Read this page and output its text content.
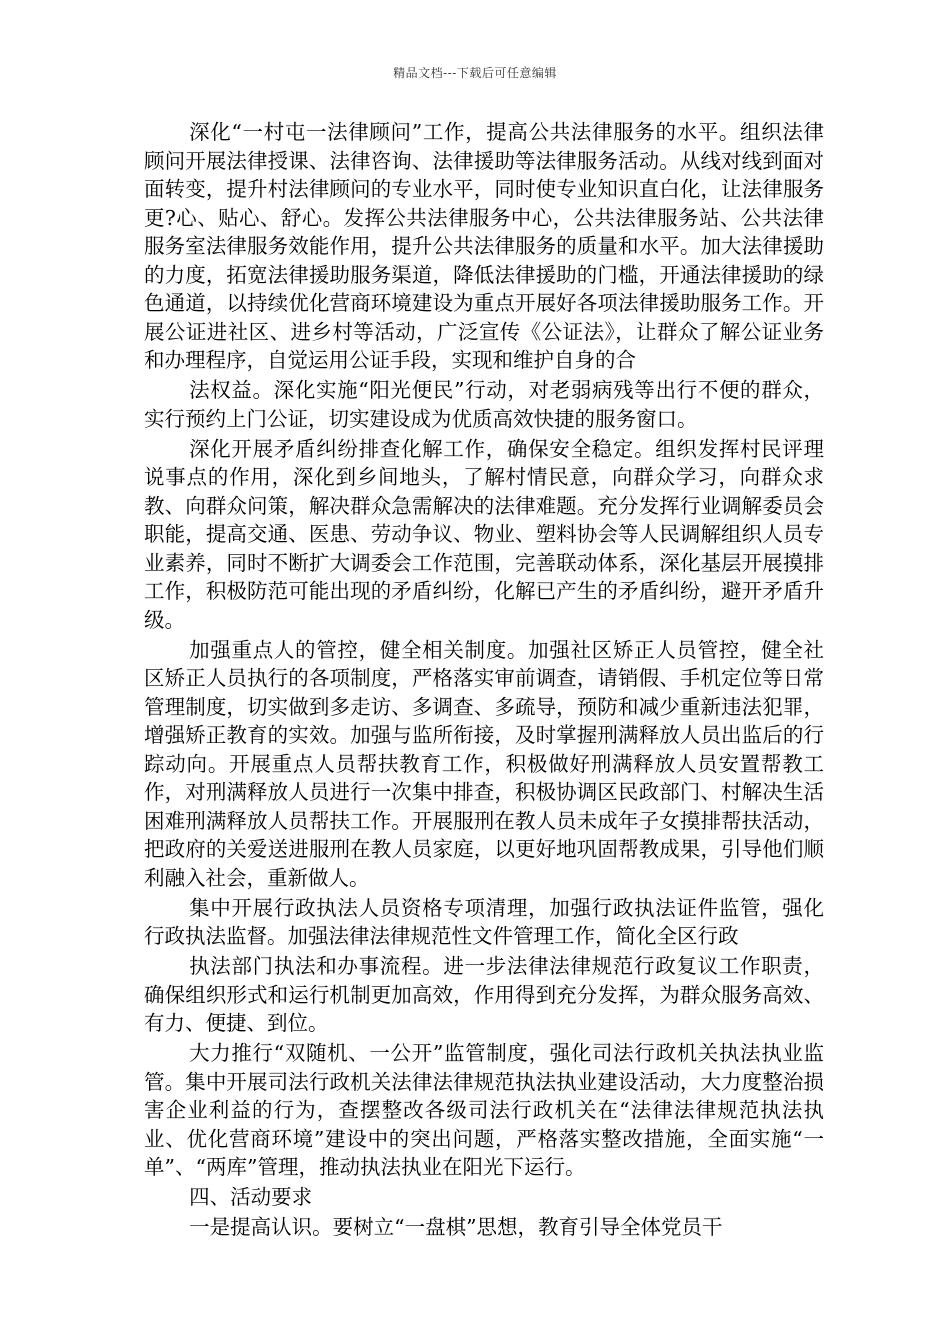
精品文档---下载后可任意编辑

深化“一村屯一法律顾问”工作，提高公共法律服务的水平。组织法律顾问开展法律授课、法律咨询、法律援助等法律服务活动。从线对线到面对面转变，提升村法律顾问的专业水平，同时使专业知识直白化，让法律服务更?心、贴心、舒心。发挥公共法律服务中心，公共法律服务站、公共法律服务室法律服务效能作用，提升公共法律服务的质量和水平。加大法律援助的力度，拓宽法律援助服务渠道，降低法律援助的门槛，开通法律援助的绿色通道，以持续优化营商环境建设为重点开展好各项法律援助服务工作。开展公证进社区、进乡村等活动，广泛宣传《公证法》，让群众了解公证业务和办理程序，自觉运用公证手段，实现和维护自身的合

法权益。深化实施“阳光便民”行动，对老弱病残等出行不便的群众，实行预约上门公证，切实建设成为优质高效快捷的服务窗口。

深化开展矛盾纠纷排查化解工作，确保安全稳定。组织发挥村民评理说事点的作用，深化到乡间地头，了解村情民意，向群众学习，向群众求教、向群众问策，解决群众急需解决的法律难题。充分发挥行业调解委员会职能，提高交通、医患、劳动争议、物业、塑料协会等人民调解组织人员专业素养，同时不断扩大调委会工作范围，完善联动体系，深化基层开展摸排工作，积极防范可能出现的矛盾纠纷，化解已产生的矛盾纠纷，避开矛盾升级。

加强重点人的管控，健全相关制度。加强社区矫正人员管控，健全社区矫正人员执行的各项制度，严格落实审前调查，请销假、手机定位等日常管理制度，切实做到多走访、多调查、多疏导，预防和减少重新违法犯罪，增强矫正教育的实效。加强与监所衔接，及时掌握刑满释放人员出监后的行踪动向。开展重点人员帮扶教育工作，积极做好刑满释放人员安置帮教工作，对刑满释放人员进行一次集中排查，积极协调区民政部门、村解决生活困难刑满释放人员帮扶工作。开展服刑在教人员未成年子女摸排帮扶活动，把政府的关爱送进服刑在教人员家庭，以更好地巩固帮教成果，引导他们顺利融入社会，重新做人。

集中开展行政执法人员资格专项清理，加强行政执法证件监管，强化行政执法监督。加强法律法律规范性文件管理工作，简化全区行政

执法部门执法和办事流程。进一步法律法律规范行政复议工作职责，确保组织形式和运行机制更加高效，作用得到充分发挥，为群众服务高效、有力、便捷、到位。

大力推行“双随机、一公开”监管制度，强化司法行政机关执法执业监管。集中开展司法行政机关法律法律规范执法执业建设活动，大力度整治损害企业利益的行为，查摆整改各级司法行政机关在“法律法律规范执法执业、优化营商环境”建设中的突出问题，严格落实整改措施，全面实施“一单”、“两库”管理，推动执法执业在阳光下运行。

四、活动要求

一是提高认识。要树立“一盘棋”思想，教育引导全体党员干
